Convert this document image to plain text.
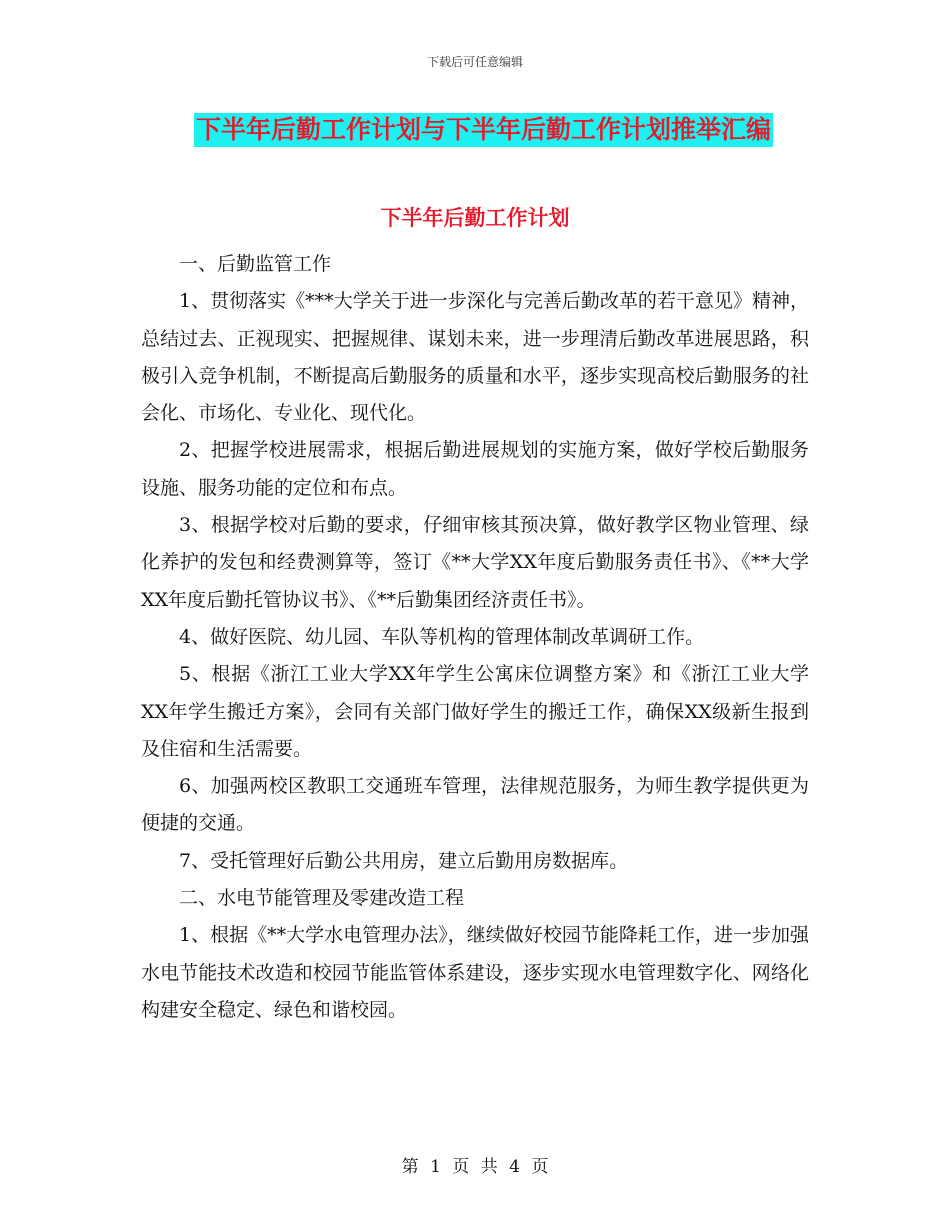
下载后可任意编辑
下半年后勤工作计划与下半年后勤工作计划推举汇编
下半年后勤工作计划

一、后勤监管工作

1、贯彻落实《***大学关于进一步深化与完善后勤改革的若干意见》精神，总结过去、正视现实、把握规律、谋划未来，进一步理清后勤改革进展思路，积极引入竞争机制，不断提高后勤服务的质量和水平，逐步实现高校后勤服务的社会化、市场化、专业化、现代化。

2、把握学校进展需求，根据后勤进展规划的实施方案，做好学校后勤服务设施、服务功能的定位和布点。

3、根据学校对后勤的要求，仔细审核其预决算，做好教学区物业管理、绿化养护的发包和经费测算等，签订《**大学XX年度后勤服务责任书》、《**大学XX年度后勤托管协议书》、《**后勤集团经济责任书》。

4、做好医院、幼儿园、车队等机构的管理体制改革调研工作。

5、根据《浙江工业大学XX年学生公寓床位调整方案》和《浙江工业大学XX年学生搬迁方案》，会同有关部门做好学生的搬迁工作，确保XX级新生报到及住宿和生活需要。

6、加强两校区教职工交通班车管理，法律规范服务，为师生教学提供更为便捷的交通。

7、受托管理好后勤公共用房，建立后勤用房数据库。

二、水电节能管理及零建改造工程

1、根据《**大学水电管理办法》，继续做好校园节能降耗工作，进一步加强水电节能技术改造和校园节能监管体系建设，逐步实现水电管理数字化、网络化构建安全稳定、绿色和谐校园。

第 1 页 共 4 页
